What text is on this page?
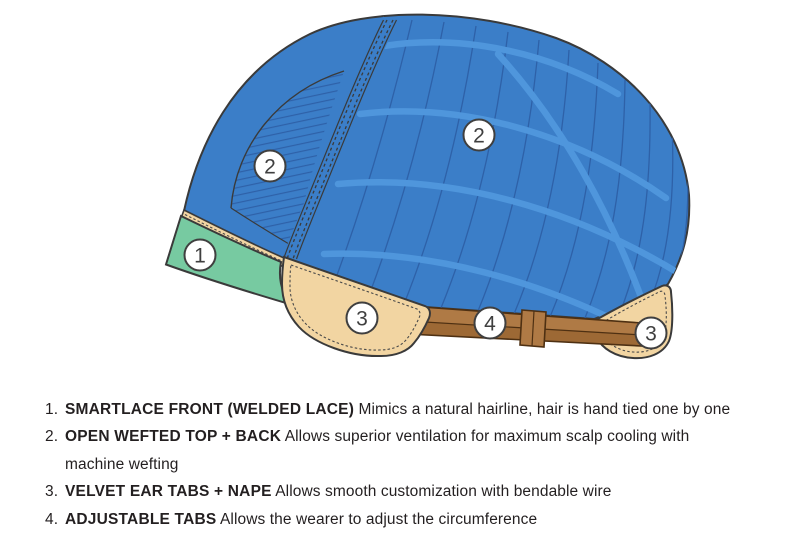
1
2
2
3	4	3
1. SMARTLACE FRONT (WELDED LACE) Mimics a natural hairline, hair is hand tied one by one
2. OPEN WEFTED TOP + BACK Allows superior ventilation for maximum scalp cooling with
machine wefting
3. VELVET EAR TABS + NAPE Allows smooth customization with bendable wire
4. ADJUSTABLE TABS Allows the wearer to adjust the circumference
